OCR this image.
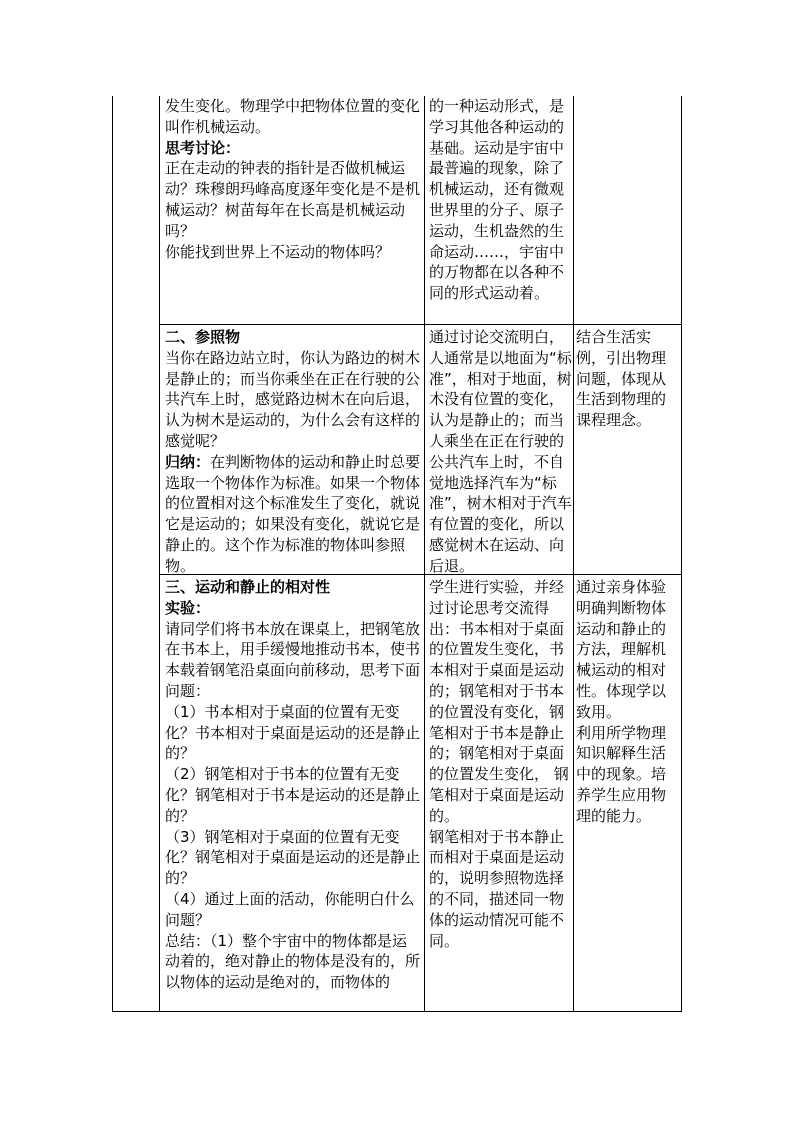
发生变化。物理学中把物体位置的变化叫作机械运动。
思考讨论：
正在走动的钟表的指针是否做机械运动？珠穆朗玛峰高度逐年变化是不是机械运动？树苗每年在长高是机械运动吗？
你能找到世界上不运动的物体吗？
的一种运动形式，是学习其他各种运动的基础。运动是宇宙中最普遍的现象，除了机械运动，还有微观世界里的分子、原子运动，生机盎然的生命运动……，宇宙中的万物都在以各种不同的形式运动着。
二、参照物
当你在路边站立时，你认为路边的树木是静止的；而当你乘坐在正在行驶的公共汽车上时，感觉路边树木在向后退，认为树木是运动的，为什么会有这样的感觉呢？
归纳：在判断物体的运动和静止时总要选取一个物体作为标准。如果一个物体的位置相对这个标准发生了变化，就说它是运动的；如果没有变化，就说它是静止的。这个作为标准的物体叫参照物。
通过讨论交流明白，人通常是以地面为“标准”，相对于地面，树木没有位置的变化，认为是静止的；而当人乘坐在正在行驶的公共汽车上时，不自觉地选择汽车为“标准”，树木相对于汽车有位置的变化，所以感觉树木在运动、向后退。
结合生活实例，引出物理问题，体现从生活到物理的课程理念。
三、运动和静止的相对性
实验：
请同学们将书本放在课桌上，把钢笔放在书本上，用手缓慢地推动书本，使书本载着钢笔沿桌面向前移动，思考下面问题：
（1）书本相对于桌面的位置有无变化？书本相对于桌面是运动的还是静止的？
（2）钢笔相对于书本的位置有无变化？钢笔相对于书本是运动的还是静止的？
（3）钢笔相对于桌面的位置有无变化？钢笔相对于桌面是运动的还是静止的？
（4）通过上面的活动，你能明白什么问题？
总结：（1）整个宇宙中的物体都是运动着的，绝对静止的物体是没有的，所以物体的运动是绝对的，而物体的
学生进行实验，并经过讨论思考交流得出：书本相对于桌面的位置发生变化，书本相对于桌面是运动的；钢笔相对于书本的位置没有变化，钢笔相对于书本是静止的；钢笔相对于桌面的位置发生变化， 钢笔相对于桌面是运动的。
钢笔相对于书本静止而相对于桌面是运动的，说明参照物选择的不同，描述同一物体的运动情况可能不同。
通过亲身体验明确判断物体运动和静止的方法，理解机械运动的相对性。体现学以致用。
利用所学物理知识解释生活中的现象。培养学生应用物理的能力。
